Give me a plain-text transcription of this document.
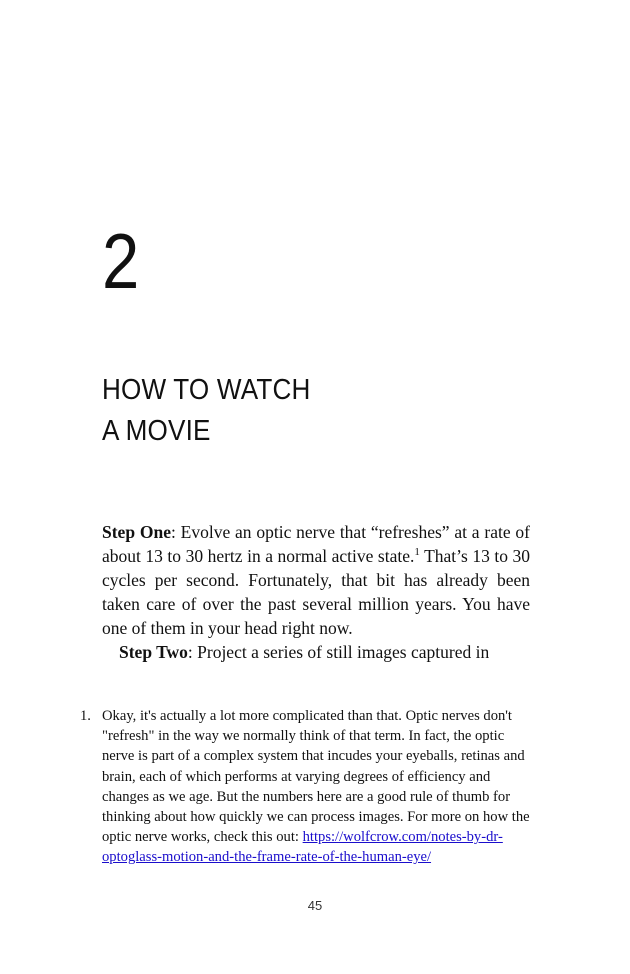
2
HOW TO WATCH
A MOVIE

Step One: Evolve an optic nerve that “refreshes” at a rate of about 13 to 30 hertz in a normal active state.$^1$ That’s 13 to 30 cycles per second. Fortunately, that bit has already been taken care of over the past several million years. You have one of them in your head right now.

Step Two: Project a series of still images captured in

1. Okay, it's actually a lot more complicated than that. Optic nerves don't "refresh" in the way we normally think of that term. In fact, the optic nerve is part of a complex system that incudes your eyeballs, retinas and brain, each of which performs at varying degrees of efficiency and changes as we age. But the numbers here are a good rule of thumb for thinking about how quickly we can process images. For more on how the optic nerve works, check this out: https://wolfcrow.com/notes-by-dr-optoglass-motion-and-the-frame-rate-of-the-human-eye/
45
